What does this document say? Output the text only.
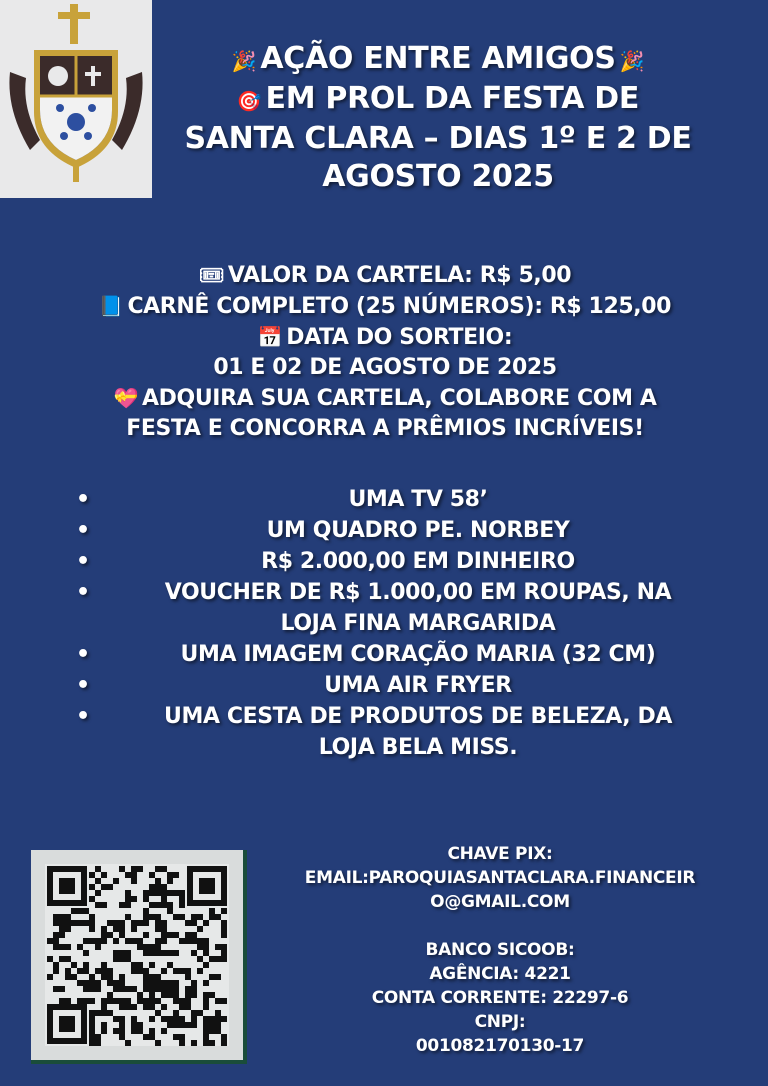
🎉 AÇÃO ENTRE AMIGOS 🎉
🎯 EM PROL DA FESTA DE
SANTA CLARA – DIAS 1º E 2 DE
AGOSTO 2025
🎟 VALOR DA CARTELA: R$ 5,00
📘 CARNÊ COMPLETO (25 NÚMEROS): R$ 125,00
📅 DATA DO SORTEIO:
01 E 02 DE AGOSTO DE 2025
💝 ADQUIRA SUA CARTELA, COLABORE COM A
FESTA E CONCORRA A PRÊMIOS INCRÍVEIS!
•	UMA TV 58’
•	UM QUADRO PE. NORBEY
•	R$ 2.000,00 EM DINHEIRO
•	VOUCHER DE R$ 1.000,00 EM ROUPAS, NA
LOJA FINA MARGARIDA
•	UMA IMAGEM CORAÇÃO MARIA (32 CM)
•	UMA AIR FRYER
•	UMA CESTA DE PRODUTOS DE BELEZA, DA
LOJA BELA MISS.
CHAVE PIX:
EMAIL:PAROQUIASANTACLARA.FINANCEIR
O@GMAIL.COM
BANCO SICOOB:
AGÊNCIA: 4221
CONTA CORRENTE: 22297-6
CNPJ:
001082170130-17
